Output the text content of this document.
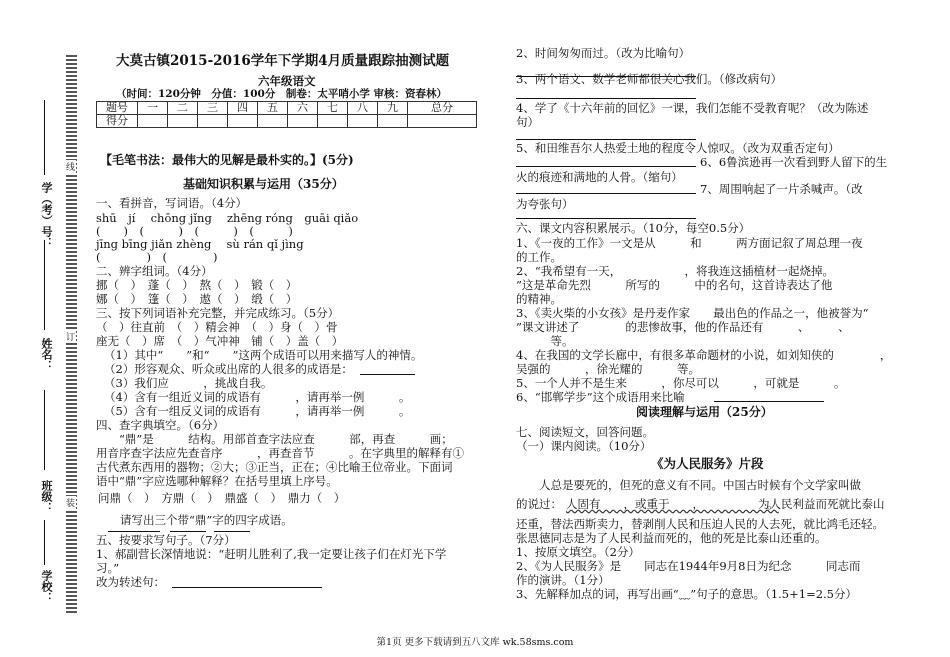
线
订
装
学校：
班级：
姓名：
学（考）号：
大莫古镇2015-2016学年下学期4月质量跟踪抽测试题
六年级语文
（时间：120分钟　分值：100分　制卷：太平哨小学 审核：资春林）
题号	一	二	三	四	五	六	七	八	九	总分
得分										
【毛笔书法：最伟大的见解是最朴实的。】(5分)
基础知识积累与运用（35分）
一、看拼音，写词语。（4分）
shū　jí　 chōng jǐng　 zhēng róng　guāi qiǎo
(　　)　(　　　)　(　　　)　(　　　)
jīng bīng jiǎn zhèng　 sù rán qǐ jìng
(　　　　)　(　　　　)
二、辨字组词。（4分）
挪（　）　蓬（　）　熬（　）　锻（　）
娜（　）　篷（　）　遨（　）　缎（　）
三、按下列词语补充完整，并完成练习。（5分）
（　）往直前　（　）精会神　（　）身（　）骨
座无（　）席　（　）气冲神　铺（　）盖（　）
（1）其中“　　”和“　　”这两个成语可以用来描写人的神情。
（2）形容观众、听众或出席的人很多的成语是：
（3）我们应　　　，挑战自我。
（4）含有一组近义词的成语有　　　，请再举一例　　　。
（5）含有一组反义词的成语有　　　，请再举一例　　　。
四、查字典填空。（6分）
　　“鼎”是　　　结构。用部首查字法应查　　　部，再查　　　画；
用音序查字法应先查音序　　　，再查音节　　　。在字典里的解释有①
古代煮东西用的器物；②大；③正当，正在；④比喻王位帝业。下面词
语中“鼎”字应选哪种解释？在括号里填上序号。
问鼎（　）　方鼎（　）　鼎盛（　）　鼎力（　）
请写出三个带“鼎”字的四字成语。
五、按要求写句子。（7分）
1、郝副营长深情地说：“赶明儿胜利了,我一定要让孩子们在灯光下学
习。”
改为转述句：
2、时间匆匆而过。（改为比喻句）
3、两个语文、数学老师都很关心我们。（修改病句）
4、学了《十六年前的回忆》一课，我们怎能不受教育呢？（改为陈述
句）
5、和田维吾尔人热爱土地的程度令人惊叹。（改为双重否定句）
6、6鲁滨逊再一次看到野人留下的生
火的痕迹和满地的人骨。（缩句）
7、周围响起了一片杀喊声。（改
为夸张句）
六、课文内容积累展示。（10分，每空0.5分）
1、《一夜的工作》一文是从　　　和　　　两方面记叙了周总理一夜
的工作。
2、“我希望有一天，　　　　　　，将我连这插植材一起烧掉。
”这是革命先烈　　　所写的　　　中的名句，这首诗表达了他
的精神。
3、《卖火柴的小女孩》是丹麦作家　　最出色的作品之一，他被誉为“
”课文讲述了　　　　的悲惨故事，他的作品还有　　　、　　　、
　　　等。
4、在我国的文学长廊中，有很多革命题材的小说，如刘知侠的　　　　，
吴强的　　　，徐光耀的　　　等。
5、一个人并不是生来　　　，你尽可以　　　，可就是　　　。
6、“邯郸学步”这个成语用来比喻
阅读理解与运用（25分）
七、阅读短文，回答问题。
（一）课内阅读。（10分）
《为人民服务》片段
　　人总是要死的，但死的意义有不同。中国古时候有个文学家叫做　　　
的说过： 人固有　　，或重于　　，　　　　　　。
为人民利益而死就比泰山
还重，替法西斯卖力，替剥削人民和压迫人民的人去死，就比鸿毛还轻。
张思德同志是为了人民利益而死的，他的死是比泰山还重的。
1、按原文填空。（2分）
2、《为人民服务》是　　同志在1944年9月8日为纪念　　　同志而
作的演讲。（1分）
3、先解释加点的词，再写出画“﹏”句子的意思。（1.5+1=2.5分）
第1页 更多下载请到五八文库 wk.58sms.com
